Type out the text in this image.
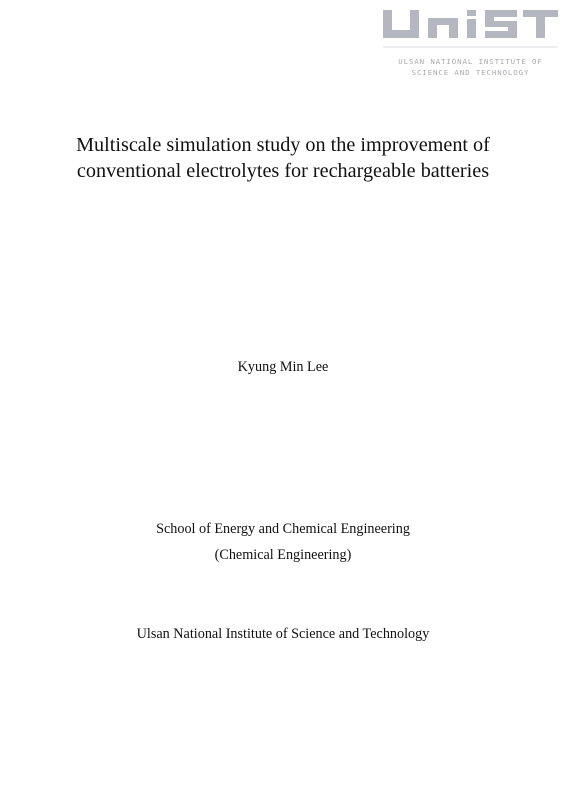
ULSAN NATIONAL INSTITUTE OF
SCIENCE AND TECHNOLOGY
Multiscale simulation study on the improvement of
conventional electrolytes for rechargeable batteries
Kyung Min Lee
School of Energy and Chemical Engineering
(Chemical Engineering)
Ulsan National Institute of Science and Technology
